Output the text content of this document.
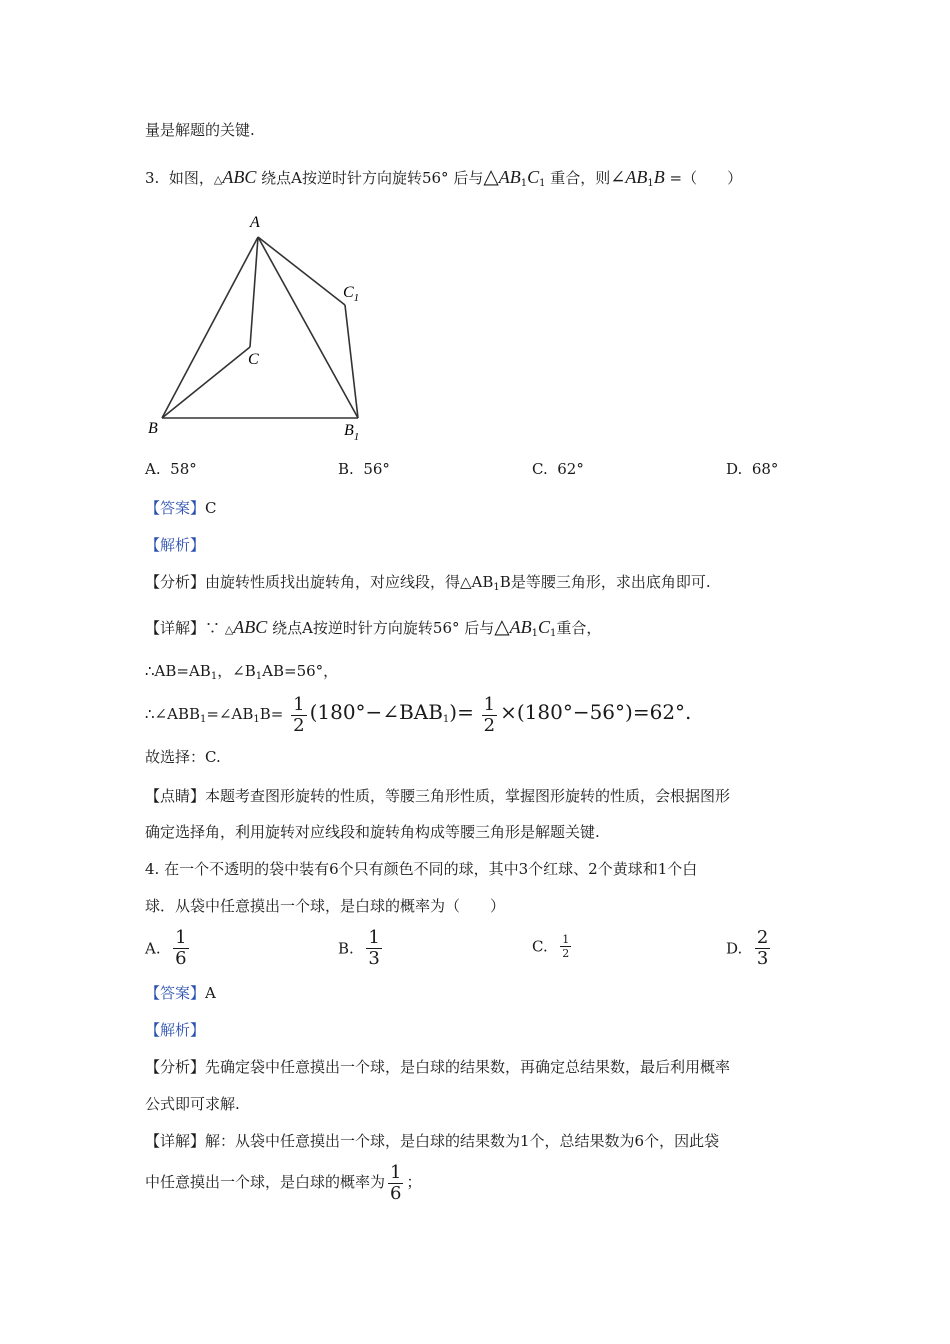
量是解题的关键.
3. 如图，△ABC 绕点A按逆时针方向旋转56° 后与$\triangle AB_1C_1$ 重合，则$\angle AB_1B$ =（　　）
A
C
B
$C_1$
$B_1$
A. 58°	B. 56°	C. 62°	D. 68°
【答案】C
【解析】
【分析】由旋转性质找出旋转角，对应线段，得$\triangle AB_1B$是等腰三角形，求出底角即可.
【详解】∵ △ABC 绕点A按逆时针方向旋转56° 后与$\triangle AB_1C_1$重合，
$\therefore AB=AB_1$，$\angle B_1AB=56^\circ$，
$\therefore\angle ABB_1=\angle AB_1B= \frac{1}{2}$ $(180^\circ-\angle BAB_1)= \frac{1}{2} \times(180^\circ-56^\circ)=62^\circ$.
故选择：C.
【点睛】本题考查图形旋转的性质，等腰三角形性质，掌握图形旋转的性质，会根据图形
确定选择角，利用旋转对应线段和旋转角构成等腰三角形是解题关键.
4. 在一个不透明的袋中装有6个只有颜色不同的球，其中3个红球、2个黄球和1个白
球．从袋中任意摸出一个球，是白球的概率为（　　）
A. $\frac{1}{6}$	B. $\frac{1}{3}$	C. $\frac{1}{2}$	D. $\frac{2}{3}$
【答案】A
【解析】
【分析】先确定袋中任意摸出一个球，是白球的结果数，再确定总结果数，最后利用概率
公式即可求解.
【详解】解：从袋中任意摸出一个球，是白球的结果数为1个，总结果数为6个，因此袋
中任意摸出一个球，是白球的概率为 $\frac{1}{6}$ ；
